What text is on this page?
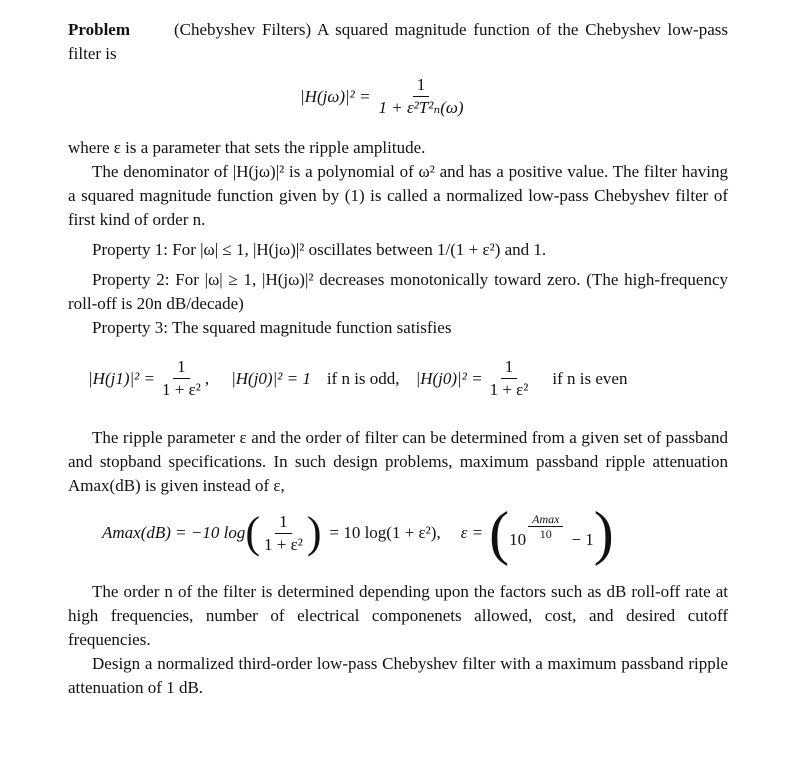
Problem	(Chebyshev Filters) A squared magnitude function of the Chebyshev low-pass filter is

$|H(j\omega)|^2 = \frac{1}{\text{1 + ε²T²ₙ(ω)}}$

where ε is a parameter that sets the ripple amplitude.

The denominator of |H(jω)|² is a polynomial of ω² and has a positive value. The filter having a squared magnitude function given by (1) is called a normalized low-pass Chebyshev filter of first kind of order n.

Property 1: For |ω| ≤ 1, |H(jω)|² oscillates between 1/(1 + ε²) and 1.

Property 2: For |ω| ≥ 1, |H(jω)|² decreases monotonically toward zero. (The high-frequency roll-off is 20n dB/decade)

Property 3: The squared magnitude function satisfies

$|H(j1)|^2 = \frac{1}{\text{1 + ε²}}$ , |H(j0)|² = 1 if n is odd, $|H(j0)|^2 = \frac{1}{\text{1 + ε²}}$ if n is even

The ripple parameter ε and the order of filter can be determined from a given set of passband and stopband specifications. In such design problems, maximum passband ripple attenuation Amax(dB) is given instead of ε,

Amax(dB) = −10 log ( $\frac{1}{\text{1 + ε²}}$ ) = 10 log(1 + ε²), ε = ( $10 \frac{Amax}{10} - 1$ )

The order n of the filter is determined depending upon the factors such as dB roll-off rate at high frequencies, number of electrical componenets allowed, cost, and desired cutoff frequencies.

Design a normalized third-order low-pass Chebyshev filter with a maximum passband ripple attenuation of 1 dB.
